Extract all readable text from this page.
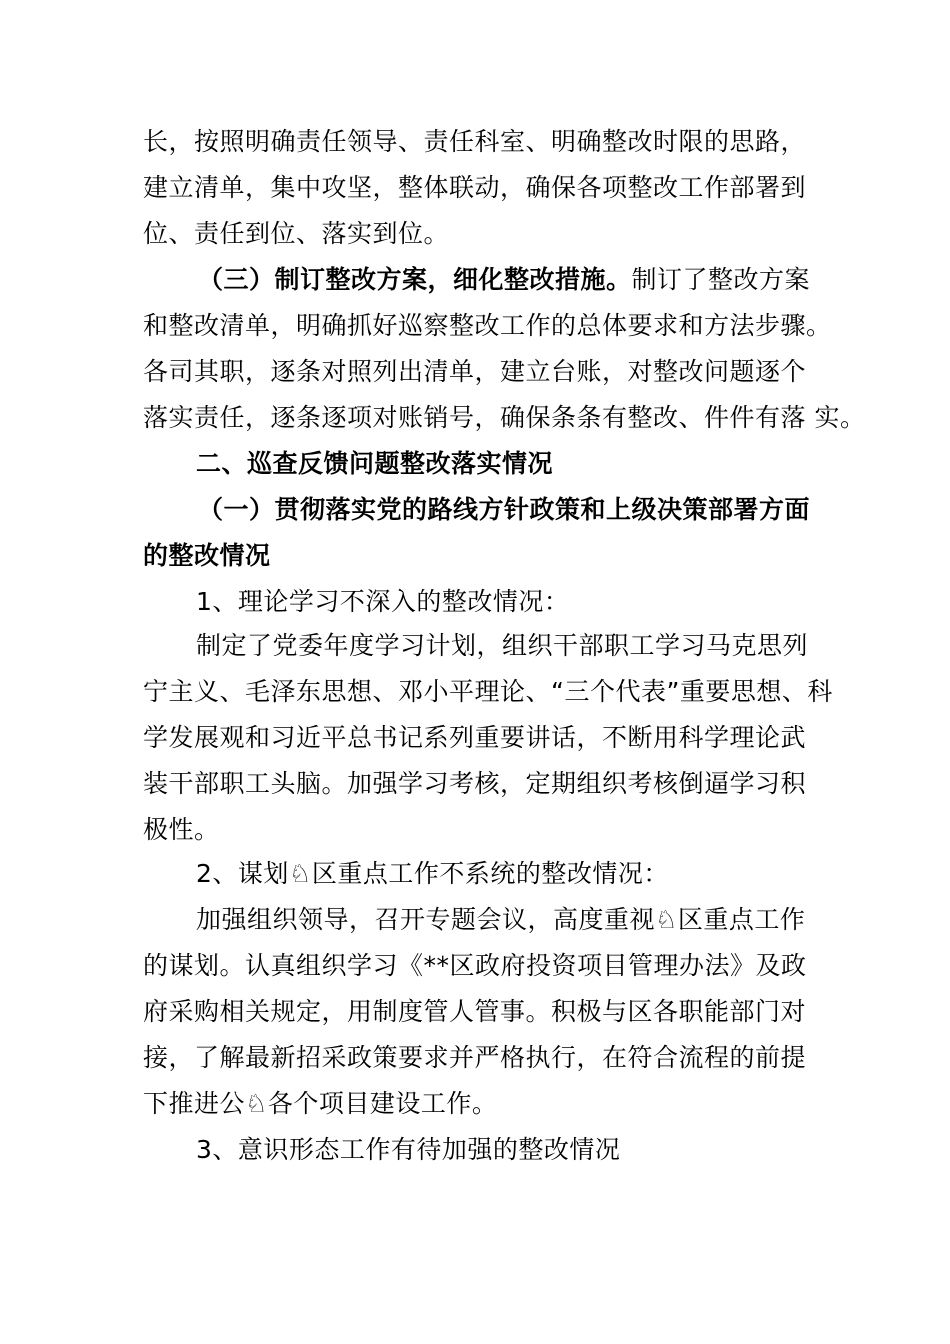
长，按照明确责任领导、责任科室、明确整改时限的思路，
建立清单，集中攻坚，整体联动，确保各项整改工作部署到
位、责任到位、落实到位。
（三）制订整改方案，细化整改措施。制订了整改方案
和整改清单，明确抓好巡察整改工作的总体要求和方法步骤。
各司其职，逐条对照列出清单，建立台账，对整改问题逐个
落实责任，逐条逐项对账销号，确保条条有整改、件件有落 实。
二、巡查反馈问题整改落实情况
（一）贯彻落实党的路线方针政策和上级决策部署方面
的整改情况
1、理论学习不深入的整改情况：
制定了党委年度学习计划，组织干部职工学习马克思列
宁主义、毛泽东思想、邓小平理论、“三个代表”重要思想、科
学发展观和习近平总书记系列重要讲话，不断用科学理论武
装干部职工头脑。加强学习考核，定期组织考核倒逼学习积
极性。
2、谋划♘区重点工作不系统的整改情况：
加强组织领导，召开专题会议，高度重视♘区重点工作
的谋划。认真组织学习《**区政府投资项目管理办法》及政
府采购相关规定，用制度管人管事。积极与区各职能部门对
接，了解最新招采政策要求并严格执行，在符合流程的前提
下推进公♘各个项目建设工作。
3、意识形态工作有待加强的整改情况
